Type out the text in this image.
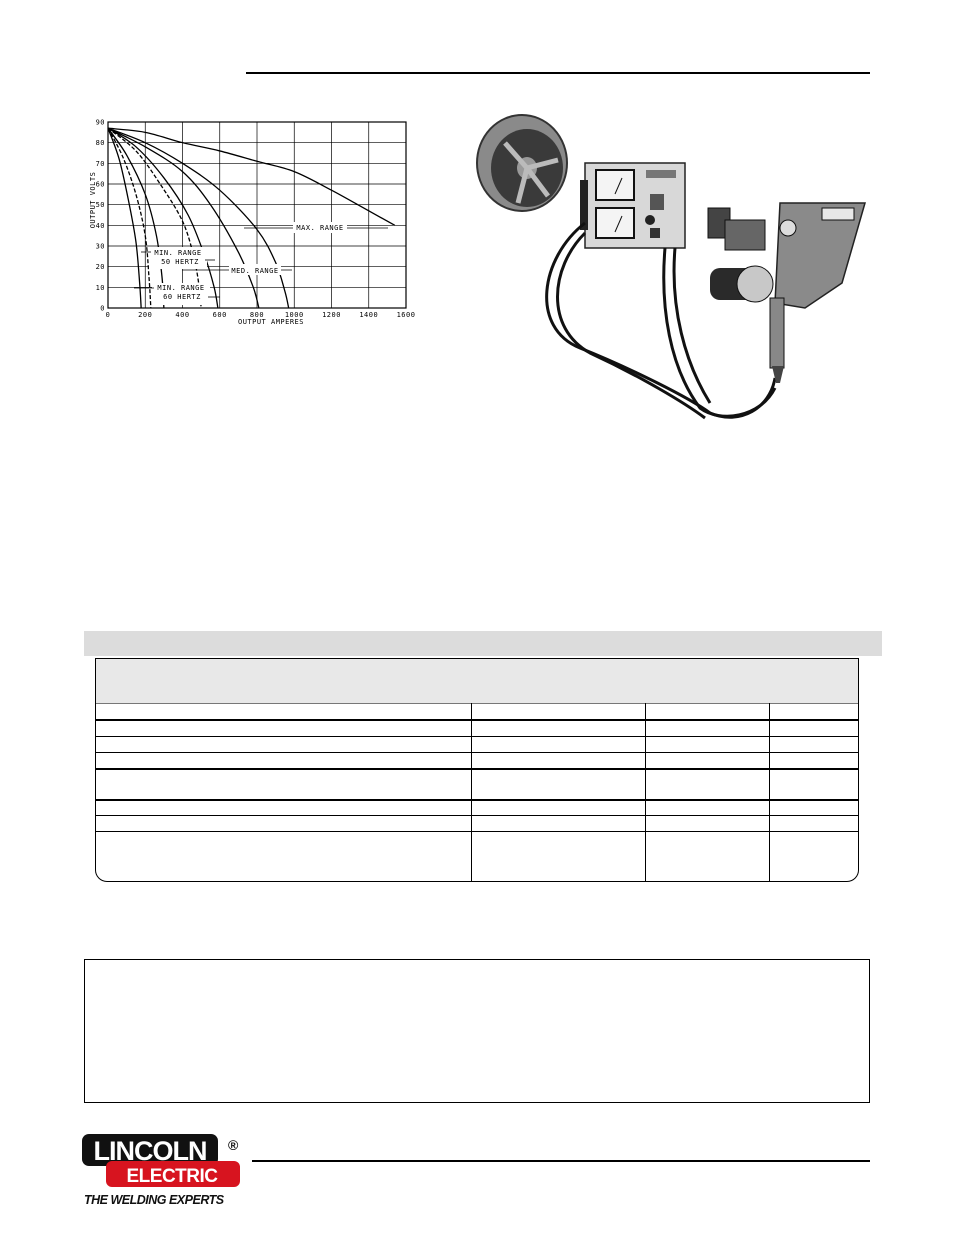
0	200	400	600	800	1000	1200	1400	1600
0
10
20
30
40
50
60
70
80
90
OUTPUT AMPERES
OUTPUT VOLTS	MAX. RANGE
MED. RANGE
MIN. RANGE
50 HERTZ
MIN. RANGE
60 HERTZ
LINCOLN ®
ELECTRIC
THE WELDING EXPERTS
